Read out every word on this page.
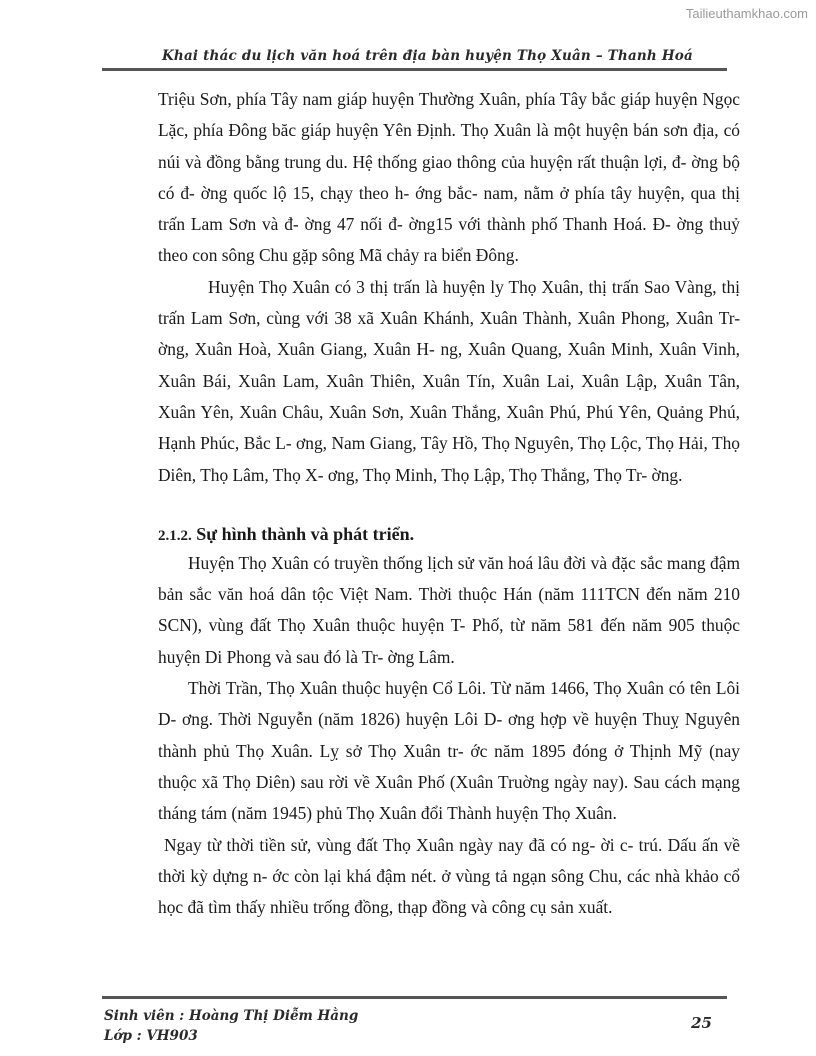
Tailieuthamkhao.com
Khai thác du lịch văn hoá trên địa bàn huyện Thọ Xuân – Thanh Hoá

Triệu Sơn, phía Tây nam giáp huyện Thường Xuân, phía Tây bắc giáp huyện Ngọc Lặc, phía Đông băc giáp huyện Yên Định. Thọ Xuân là một huyện bán sơn địa, có núi và đồng bằng trung du. Hệ thống giao thông của huyện rất thuận lợi, đ- ờng bộ có đ- ờng quốc lộ 15, chạy theo h- ớng bắc- nam, nằm ở phía tây huyện, qua thị trấn Lam Sơn và đ- ờng 47 nối đ- ờng15 với thành phố Thanh Hoá. Đ- ờng thuỷ theo con sông Chu gặp sông Mã chảy ra biển Đông.

Huyện Thọ Xuân có 3 thị trấn là huyện ly Thọ Xuân, thị trấn Sao Vàng, thị trấn Lam Sơn, cùng với 38 xã Xuân Khánh, Xuân Thành, Xuân Phong, Xuân Tr- ờng, Xuân Hoà, Xuân Giang, Xuân H- ng, Xuân Quang, Xuân Minh, Xuân Vinh, Xuân Bái, Xuân Lam, Xuân Thiên, Xuân Tín, Xuân Lai, Xuân Lập, Xuân Tân, Xuân Yên, Xuân Châu, Xuân Sơn, Xuân Thắng, Xuân Phú, Phú Yên, Quảng Phú, Hạnh Phúc, Bắc L- ơng, Nam Giang, Tây Hồ, Thọ Nguyên, Thọ Lộc, Thọ Hải, Thọ Diên, Thọ Lâm, Thọ X- ơng, Thọ Minh, Thọ Lập, Thọ Thắng, Thọ Tr- ờng.

2.1.2. Sự hình thành và phát triển.

Huyện Thọ Xuân có truyền thống lịch sử văn hoá lâu đời và đặc sắc mang đậm bản sắc văn hoá dân tộc Việt Nam. Thời thuộc Hán (năm 111TCN đến năm 210 SCN), vùng đất Thọ Xuân thuộc huyện T- Phố, từ năm 581 đến năm 905 thuộc huyện Di Phong và sau đó là Tr- ờng Lâm.

Thời Trần, Thọ Xuân thuộc huyện Cổ Lôi. Từ năm 1466, Thọ Xuân có tên Lôi D- ơng. Thời Nguyễn (năm 1826) huyện Lôi D- ơng hợp về huyện Thuỵ Nguyên thành phủ Thọ Xuân. Lỵ sở Thọ Xuân tr- ớc năm 1895 đóng ở Thịnh Mỹ (nay thuộc xã Thọ Diên) sau rời về Xuân Phố (Xuân Truờng ngày nay). Sau cách mạng tháng tám (năm 1945) phủ Thọ Xuân đổi Thành huyện Thọ Xuân.

Ngay từ thời tiền sử, vùng đất Thọ Xuân ngày nay đã có ng- ời c- trú. Dấu ấn về thời kỳ dựng n- ớc còn lại khá đậm nét. ở vùng tả ngạn sông Chu, các nhà khảo cổ học đã tìm thấy nhiều trống đồng, thạp đồng và công cụ sản xuất.

Sinh viên : Hoàng Thị Diễm Hằng
Lớp : VH903
25
